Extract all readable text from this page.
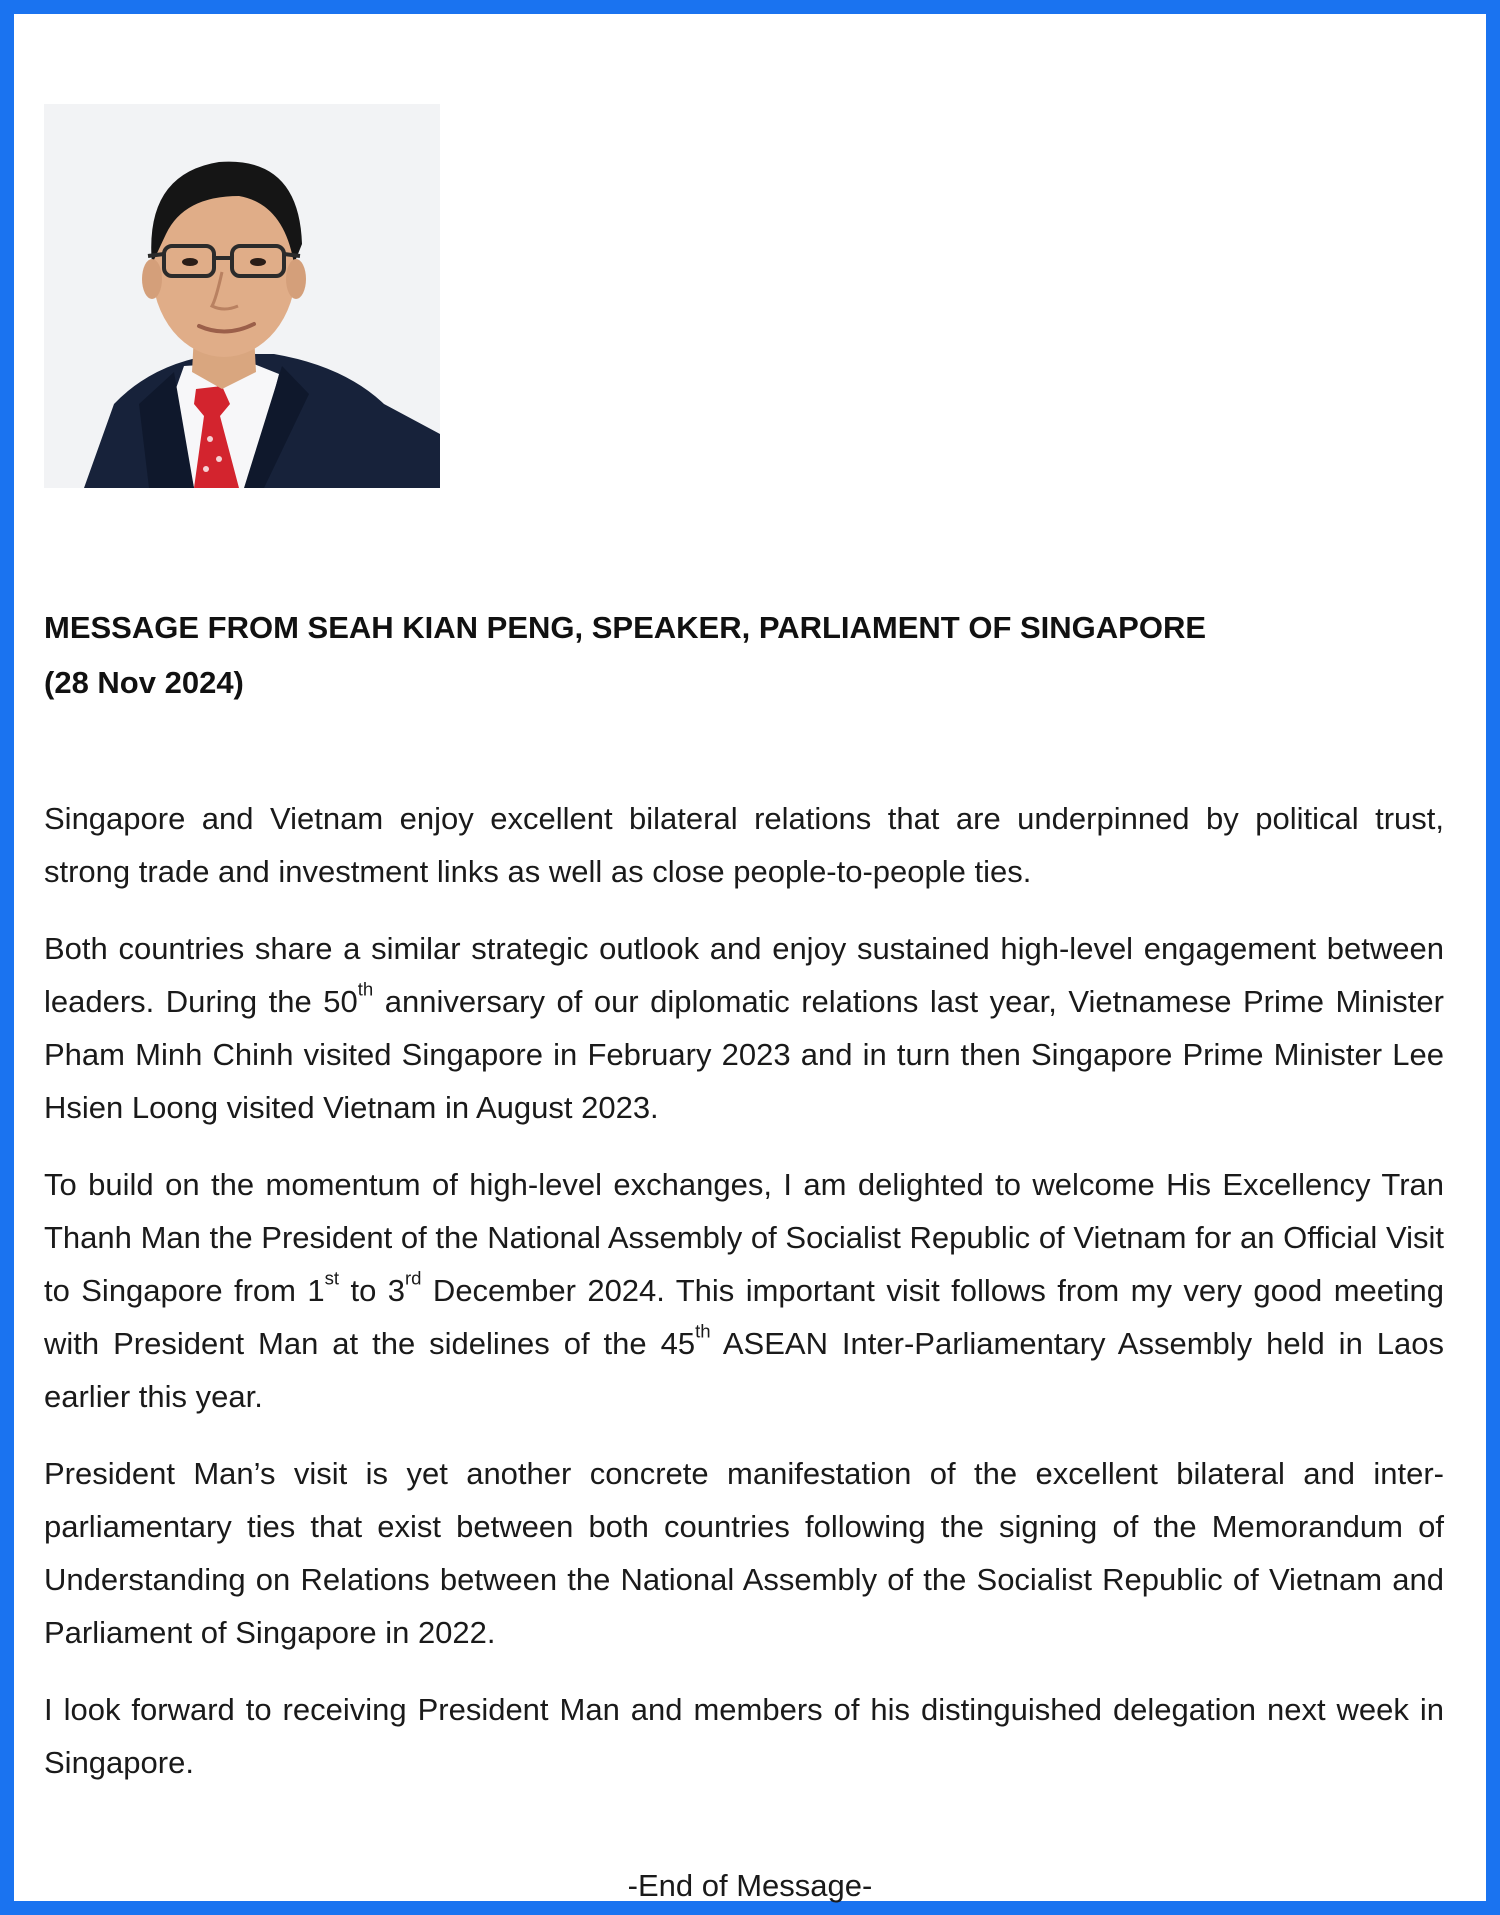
MESSAGE FROM SEAH KIAN PENG, SPEAKER, PARLIAMENT OF SINGAPORE
(28 Nov 2024)

Singapore and Vietnam enjoy excellent bilateral relations that are underpinned by political trust, strong trade and investment links as well as close people-to-people ties.

Both countries share a similar strategic outlook and enjoy sustained high-level engagement between leaders. During the 50th anniversary of our diplomatic relations last year, Vietnamese Prime Minister Pham Minh Chinh visited Singapore in February 2023 and in turn then Singapore Prime Minister Lee Hsien Loong visited Vietnam in August 2023.

To build on the momentum of high-level exchanges, I am delighted to welcome His Excellency Tran Thanh Man the President of the National Assembly of Socialist Republic of Vietnam for an Official Visit to Singapore from 1st to 3rd December 2024. This important visit follows from my very good meeting with President Man at the sidelines of the 45th ASEAN Inter-Parliamentary Assembly held in Laos earlier this year.

President Man’s visit is yet another concrete manifestation of the excellent bilateral and inter-parliamentary ties that exist between both countries following the signing of the Memorandum of Understanding on Relations between the National Assembly of the Socialist Republic of Vietnam and Parliament of Singapore in 2022.

I look forward to receiving President Man and members of his distinguished delegation next week in Singapore.

-End of Message-
